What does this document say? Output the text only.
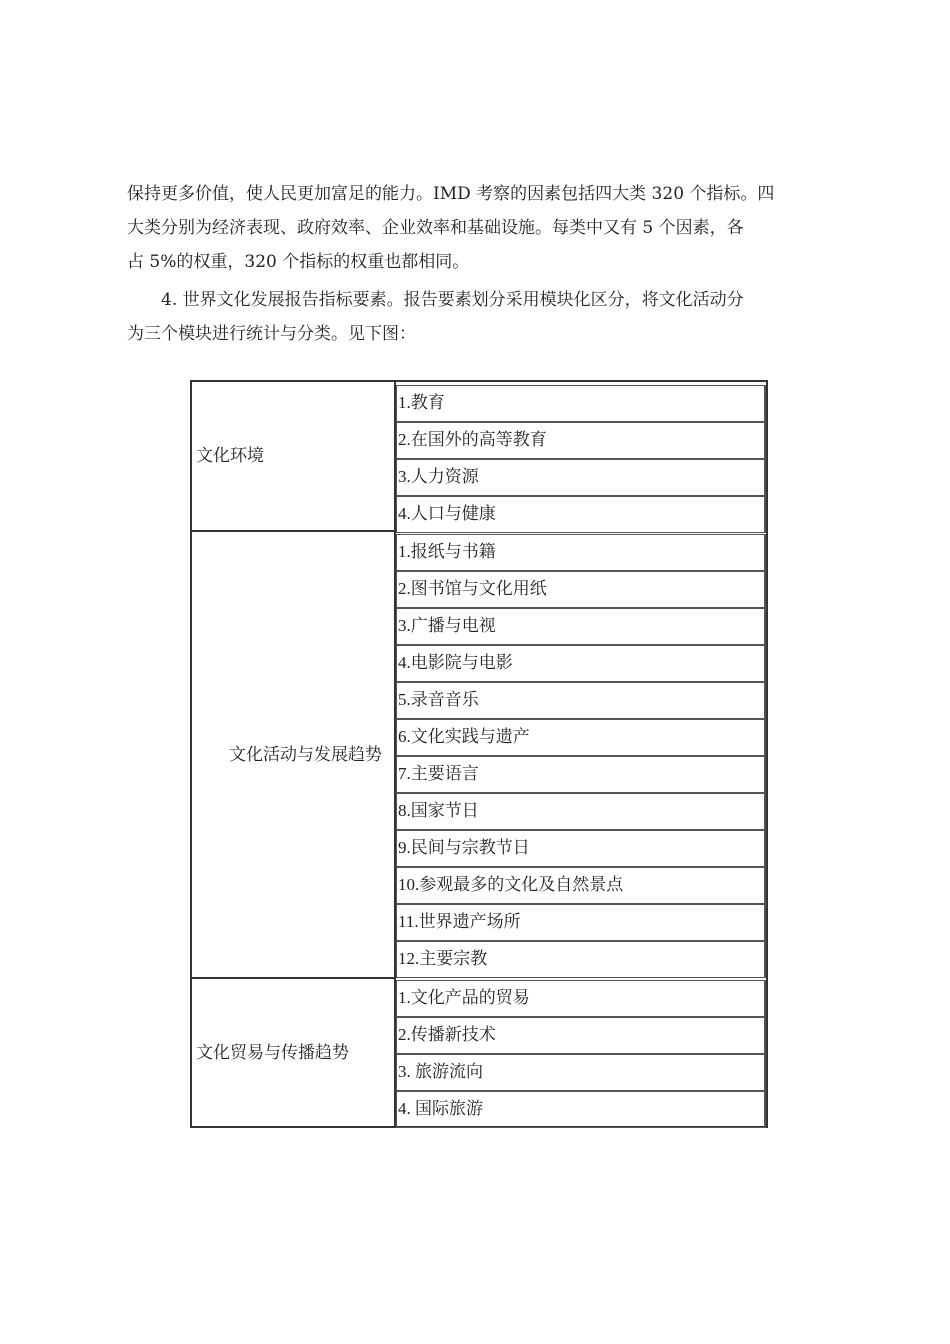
保持更多价值，使人民更加富足的能力。IMD 考察的因素包括四大类 320 个指标。四
大类分别为经济表现、政府效率、企业效率和基础设施。每类中又有 5 个因素，各
占 5%的权重，320 个指标的权重也都相同。
4. 世界文化发展报告指标要素。报告要素划分采用模块化区分，将文化活动分
为三个模块进行统计与分类。见下图：
文化环境
1.教育
2.在国外的高等教育
3.人力资源
4.人口与健康
文化活动与发展趋势
1.报纸与书籍
2.图书馆与文化用纸
3.广播与电视
4.电影院与电影
5.录音音乐
6.文化实践与遗产
7.主要语言
8.国家节日
9.民间与宗教节日
10.参观最多的文化及自然景点
11.世界遗产场所
12.主要宗教
文化贸易与传播趋势
1.文化产品的贸易
2.传播新技术
3. 旅游流向
4. 国际旅游
